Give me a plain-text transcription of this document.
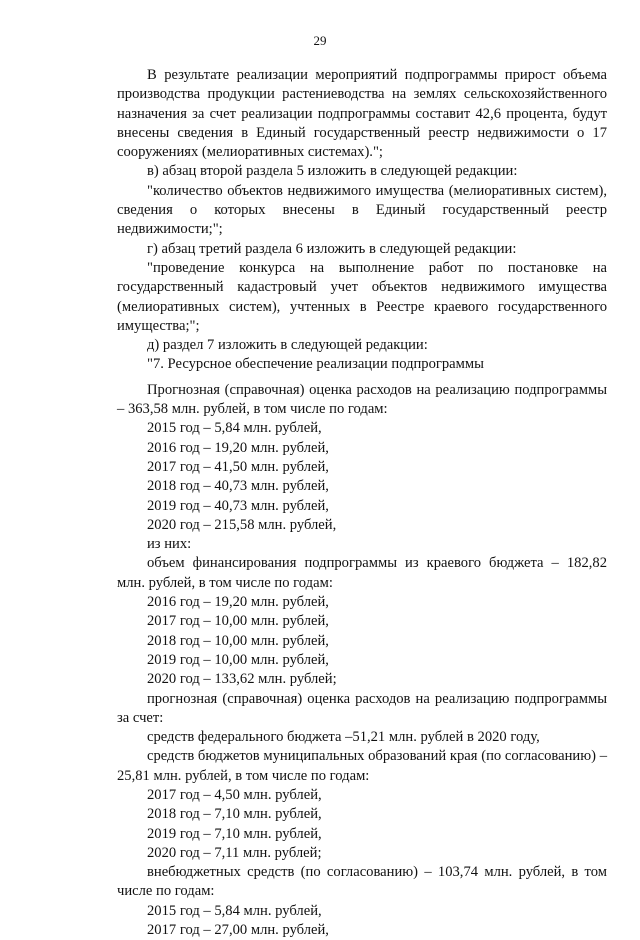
29

В результате реализации мероприятий подпрограммы прирост объема производства продукции растениеводства на землях сельскохозяйственного назначения за счет реализации подпрограммы составит 42,6 процента, будут внесены сведения в Единый государственный реестр недвижимости о 17 сооружениях (мелиоративных системах).";

в) абзац второй раздела 5 изложить в следующей редакции:

"количество объектов недвижимого имущества (мелиоративных систем), сведения о которых внесены в Единый государственный реестр недвижимости;";

г) абзац третий раздела 6 изложить в следующей редакции:

"проведение конкурса на выполнение работ по постановке на государственный кадастровый учет объектов недвижимого имущества (мелиоративных систем), учтенных в Реестре краевого государственного имущества;";

д) раздел 7 изложить в следующей редакции:

"7. Ресурсное обеспечение реализации подпрограммы

Прогнозная (справочная) оценка расходов на реализацию подпрограммы – 363,58 млн. рублей, в том числе по годам:

2015 год – 5,84 млн. рублей,

2016 год – 19,20 млн. рублей,

2017 год – 41,50 млн. рублей,

2018 год – 40,73 млн. рублей,

2019 год – 40,73 млн. рублей,

2020 год – 215,58 млн. рублей,

из них:

объем финансирования подпрограммы из краевого бюджета – 182,82 млн. рублей, в том числе по годам:

2016 год – 19,20 млн. рублей,

2017 год – 10,00 млн. рублей,

2018 год – 10,00 млн. рублей,

2019 год – 10,00 млн. рублей,

2020 год – 133,62 млн. рублей;

прогнозная (справочная) оценка расходов на реализацию подпрограммы за счет:

средств федерального бюджета –51,21 млн. рублей в 2020 году,

средств бюджетов муниципальных образований края (по согласованию) – 25,81 млн. рублей, в том числе по годам:

2017 год – 4,50 млн. рублей,

2018 год – 7,10 млн. рублей,

2019 год – 7,10 млн. рублей,

2020 год – 7,11 млн. рублей;

внебюджетных средств (по согласованию) – 103,74 млн. рублей, в том числе по годам:

2015 год – 5,84 млн. рублей,

2017 год – 27,00 млн. рублей,
